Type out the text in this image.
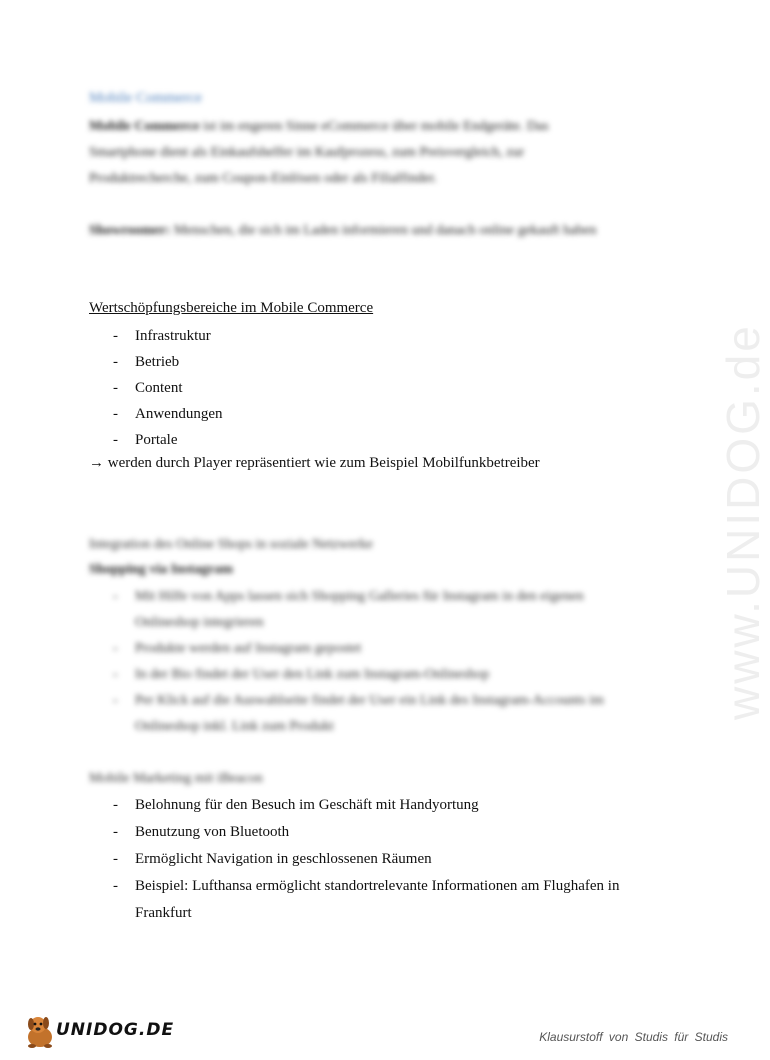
Mobile Commerce
Mobile Commerce ist im engeren Sinne eCommerce über mobile Endgeräte. Das Smartphone dient als Einkaufshelfer im Kaufprozess, zum Preisvergleich, zur Produktrecherche, zum Coupon-Einlösen oder als Filialfinder.
Showroomer: Menschen, die sich im Laden informieren und danach online gekauft haben
Wertschöpfungsbereiche im Mobile Commerce
- Infrastruktur
- Betrieb
- Content
- Anwendungen
- Portale
→ werden durch Player repräsentiert wie zum Beispiel Mobilfunkbetreiber
Integration des Online Shops in soziale Netzwerke
Shopping via Instagram
- Mit Hilfe von Apps lassen sich Shopping Galleries für Instagram in den eigenen Onlineshop integrieren
- Produkte werden auf Instagram gepostet
- In der Bio findet der User den Link zum Instagram-Onlineshop
- Per Klick auf die Auswahlseite findet der User ein Link des Instagram-Accounts im Onlineshop inkl. Link zum Produkt
Mobile Marketing mit iBeacon
- Belohnung für den Besuch im Geschäft mit Handyortung
- Benutzung von Bluetooth
- Ermöglicht Navigation in geschlossenen Räumen
- Beispiel: Lufthansa ermöglicht standortrelevante Informationen am Flughafen in Frankfurt
www.UNIDOG.de
UNIDOG.DE	Klausurstoff von Studis für Studis
